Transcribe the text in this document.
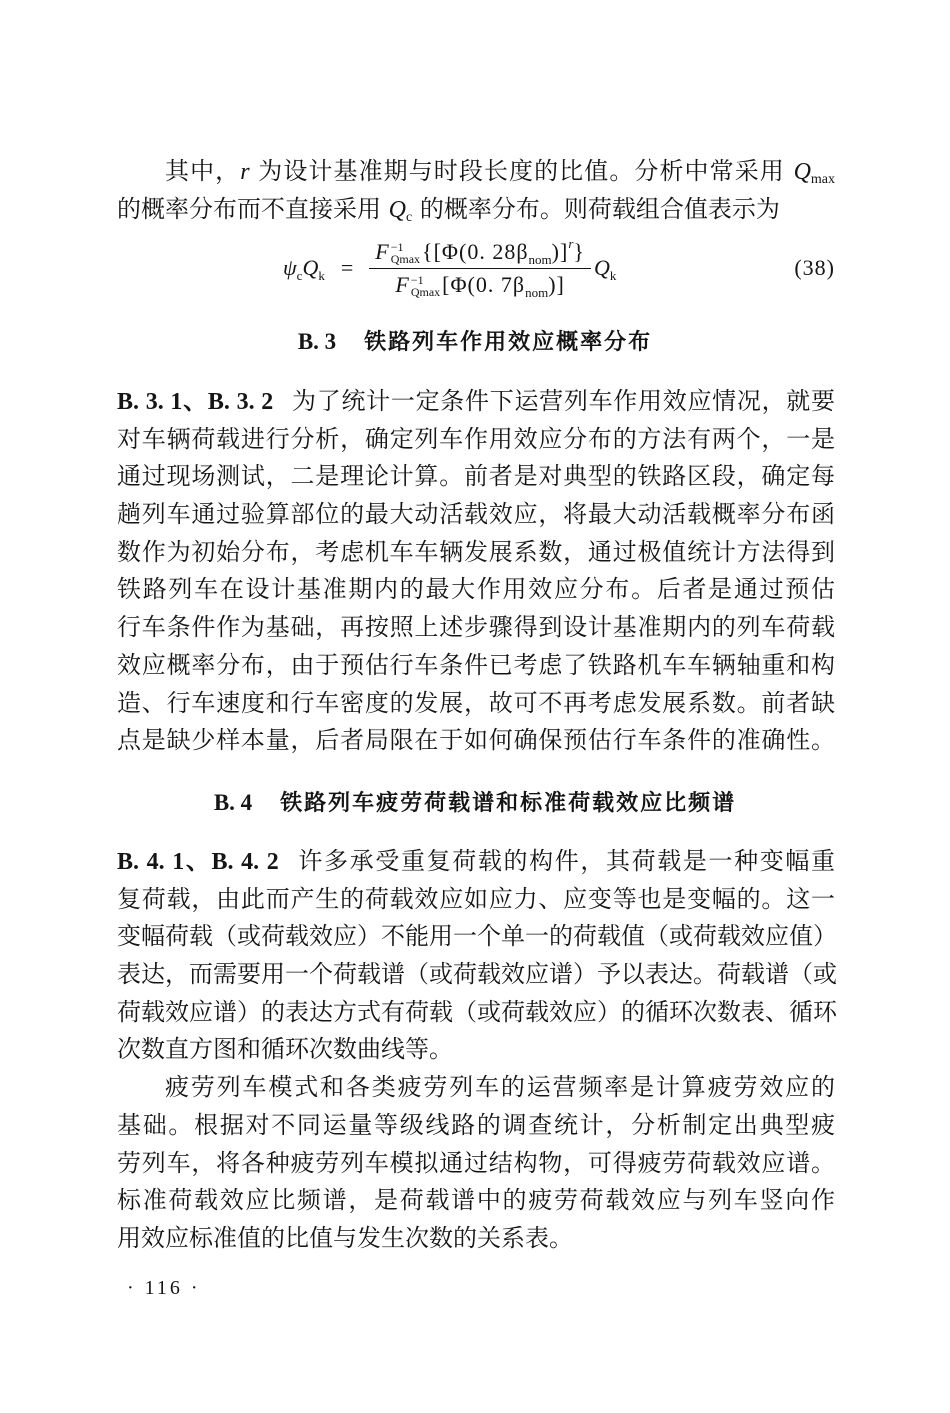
其中，r 为设计基准期与时段长度的比值。分析中常采用 $Q_{max}$
的概率分布而不直接采用 $Q_c$ 的概率分布。则荷载组合值表示为
$\psi_cQ_k = F -1$
Qmax {[Φ(0. $28\beta_{nom})]^r$}
F −1
Qmax [Φ(0. $7\beta_{nom}$)] $Q_k$	(38)
B. 3 铁路列车作用效应概率分布
B. 3. 1、B. 3. 2 为了统计一定条件下运营列车作用效应情况，就要
对车辆荷载进行分析，确定列车作用效应分布的方法有两个，一是
通过现场测试，二是理论计算。前者是对典型的铁路区段，确定每
趟列车通过验算部位的最大动活载效应，将最大动活载概率分布函
数作为初始分布，考虑机车车辆发展系数，通过极值统计方法得到
铁路列车在设计基准期内的最大作用效应分布。后者是通过预估
行车条件作为基础，再按照上述步骤得到设计基准期内的列车荷载
效应概率分布，由于预估行车条件已考虑了铁路机车车辆轴重和构
造、行车速度和行车密度的发展，故可不再考虑发展系数。前者缺
点是缺少样本量，后者局限在于如何确保预估行车条件的准确性。
B. 4 铁路列车疲劳荷载谱和标准荷载效应比频谱
B. 4. 1、B. 4. 2 许多承受重复荷载的构件，其荷载是一种变幅重
复荷载，由此而产生的荷载效应如应力、应变等也是变幅的。这一
变幅荷载（或荷载效应）不能用一个单一的荷载值（或荷载效应值）
表达，而需要用一个荷载谱（或荷载效应谱）予以表达。荷载谱（或
荷载效应谱）的表达方式有荷载（或荷载效应）的循环次数表、循环
次数直方图和循环次数曲线等。
疲劳列车模式和各类疲劳列车的运营频率是计算疲劳效应的
基础。根据对不同运量等级线路的调查统计，分析制定出典型疲
劳列车，将各种疲劳列车模拟通过结构物，可得疲劳荷载效应谱。
标准荷载效应比频谱，是荷载谱中的疲劳荷载效应与列车竖向作
用效应标准值的比值与发生次数的关系表。
· 116 ·
